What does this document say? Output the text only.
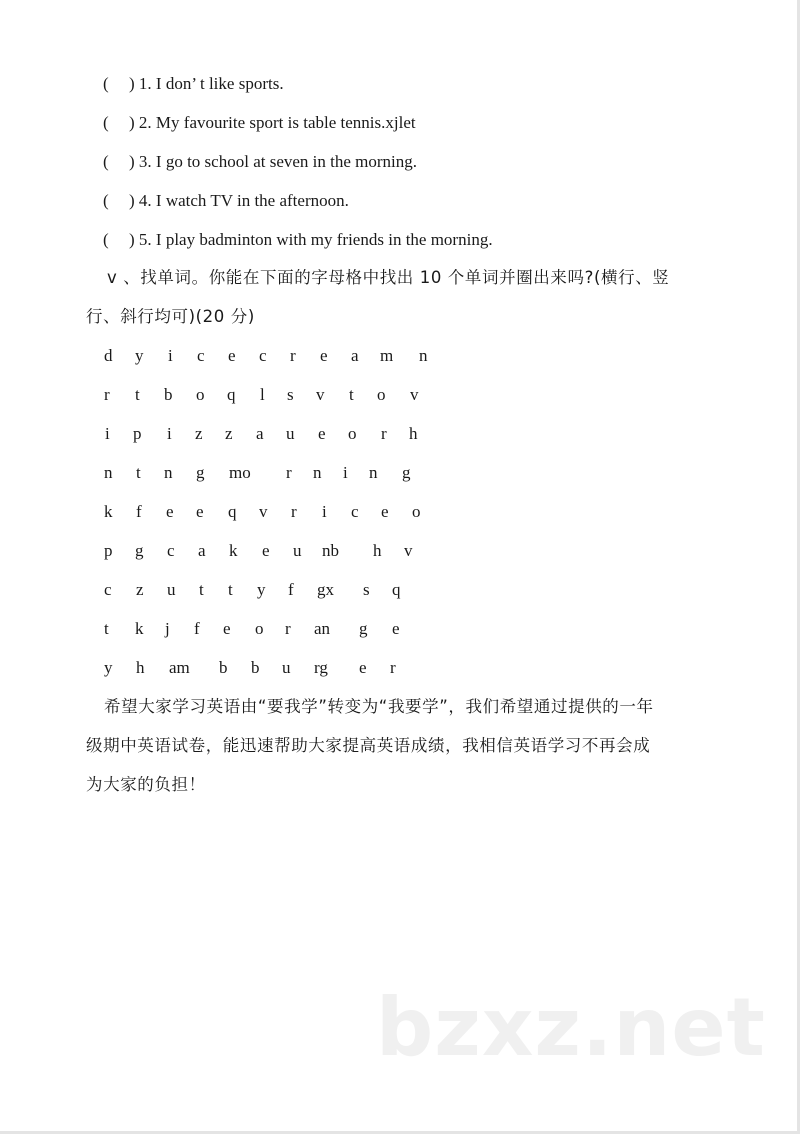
( ) 1. I don’ t like sports.
( ) 2. My favourite sport is table tennis.xjlet
( ) 3. I go to school at seven in the morning.
( ) 4. I watch TV in the afternoon.
( ) 5. I play badminton with my friends in the morning.
v 、找单词。你能在下面的字母格中找出 10 个单词并圈出来吗?(横行、竖
行、斜行均可)(20 分)
d y i c e c r e a m n
r t b o q l s v t o v
i p i z z a u e o r h
n t n g mo r n i n g
k f e e q v r i c e o
p g c a k e u nb h v
c z u t t y f gx s q
t k j f e o r an g e
y h am b b u rg e r
希望大家学习英语由“要我学”转变为“我要学”，我们希望通过提供的一年
级期中英语试卷，能迅速帮助大家提高英语成绩，我相信英语学习不再会成
为大家的负担！
bzxz.net
